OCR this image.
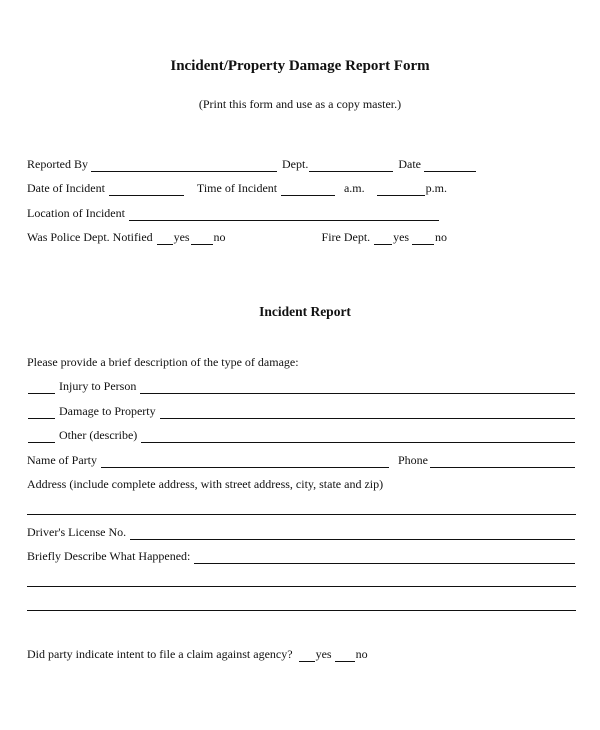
Incident/Property Damage Report Form
(Print this form and use as a copy master.)
Reported By	Dept.	Date
Date of Incident	Time of Incident	a.m.	p.m.
Location of Incident
Was Police Dept. Notified yes no	Fire Dept. yes no
Incident Report
Please provide a brief description of the type of damage:
Injury to Person
Damage to Property
Other (describe)
Name of Party	Phone
Address (include complete address, with street address, city, state and zip)
Driver's License No.
Briefly Describe What Happened:
Did party indicate intent to file a claim against agency? yes no
